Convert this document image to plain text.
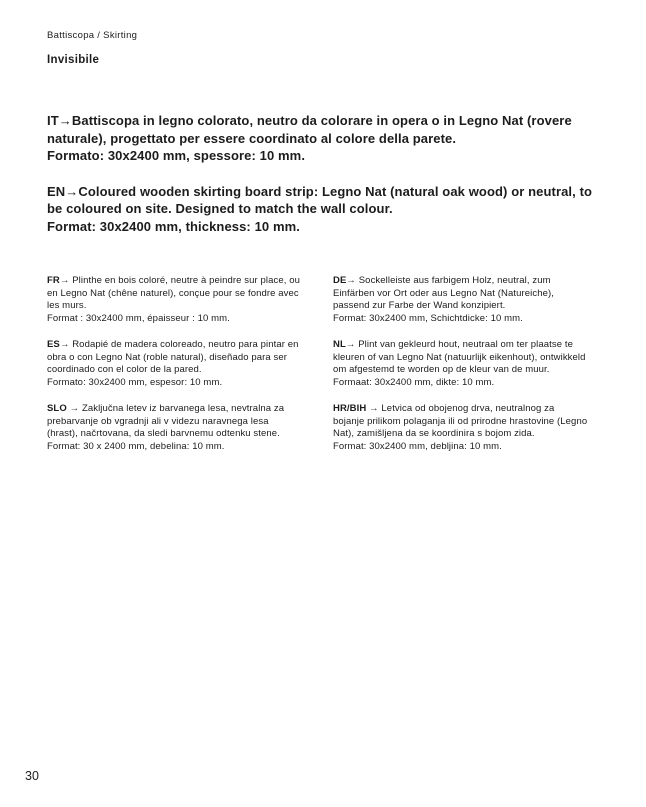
Battiscopa / Skirting
Invisibile

IT→Battiscopa in legno colorato, neutro da colorare in opera o in Legno Nat (rovere naturale), progettato per essere coordinato al colore della parete.

Formato: 30x2400 mm, spessore: 10 mm.

EN→Coloured wooden skirting board strip: Legno Nat (natural oak wood) or neutral, to be coloured on site. Designed to match the wall colour.

Format: 30x2400 mm, thickness: 10 mm.

FR→ Plinthe en bois coloré, neutre à peindre sur place, ou en Legno Nat (chêne naturel), conçue pour se fondre avec les murs.

Format : 30x2400 mm, épaisseur : 10 mm.

ES→ Rodapié de madera coloreado, neutro para pintar en obra o con Legno Nat (roble natural), diseñado para ser coordinado con el color de la pared.

Formato: 30x2400 mm, espesor: 10 mm.

SLO → Zaključna letev iz barvanega lesa, nevtralna za prebarvanje ob vgradnji ali v videzu naravnega lesa (hrast), načrtovana, da sledi barvnemu odtenku stene.

Format: 30 x 2400 mm, debelina: 10 mm.

DE→ Sockelleiste aus farbigem Holz, neutral, zum Einfärben vor Ort oder aus Legno Nat (Natureiche), passend zur Farbe der Wand konzipiert.

Format: 30x2400 mm, Schichtdicke: 10 mm.

NL→ Plint van gekleurd hout, neutraal om ter plaatse te kleuren of van Legno Nat (natuurlijk eikenhout), ontwikkeld om afgestemd te worden op de kleur van de muur.

Formaat: 30x2400 mm, dikte: 10 mm.

HR/BIH → Letvica od obojenog drva, neutralnog za bojanje prilikom polaganja ili od prirodne hrastovine (Legno Nat), zamišljena da se koordinira s bojom zida.

Format: 30x2400 mm, debljina: 10 mm.
30
